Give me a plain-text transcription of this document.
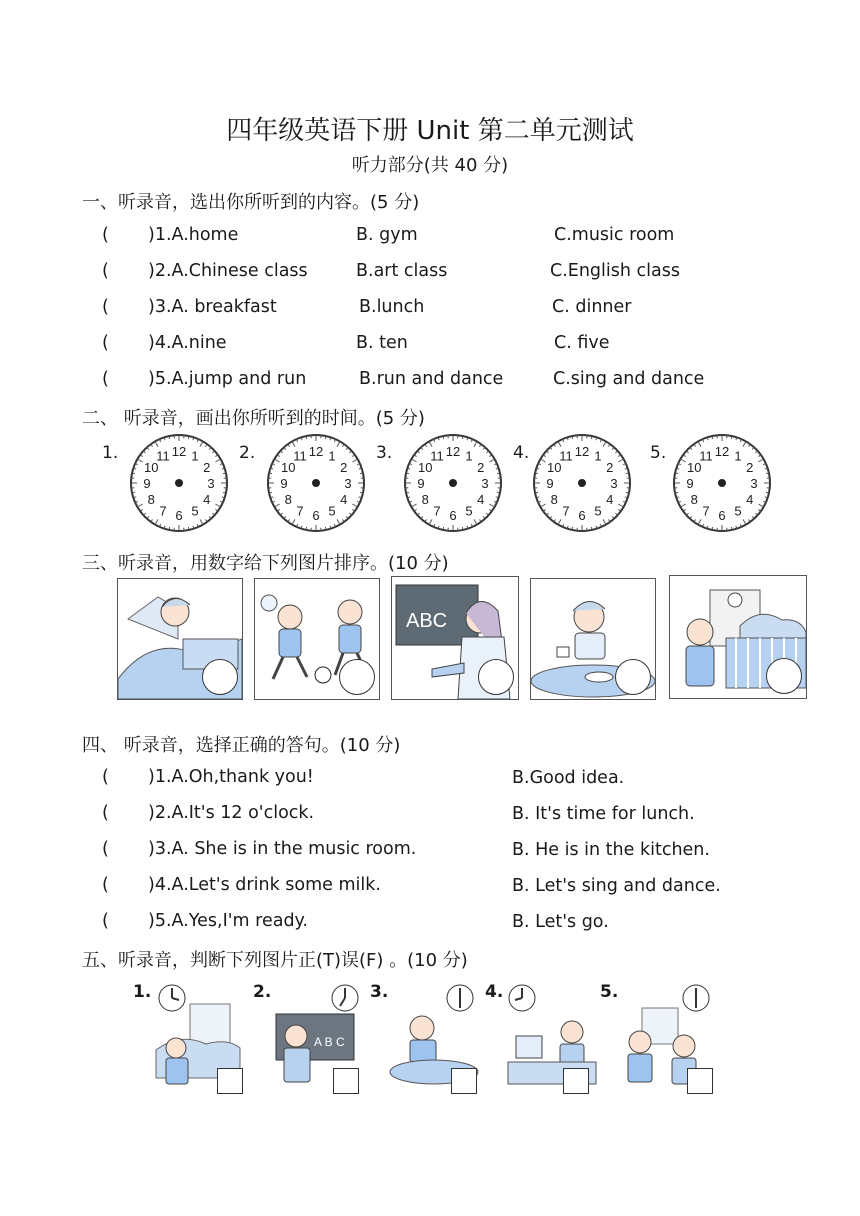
四年级英语下册 Unit 第二单元测试
听力部分(共 40 分)
一、听录音，选出你所听到的内容。(5 分)
( )1.A.home	B. gym	C.music room
( )2.A.Chinese class	B.art class	C.English class
( )3.A. breakfast	B.lunch	C. dinner
( )4.A.nine	B. ten	C. five
( )5.A.jump and run	B.run and dance	C.sing and dance
二、 听录音，画出你所听到的时间。(5 分)
1.	2.	3.	4.	5.
1
2
3
4
5
6
7
8
9
10
11 12	1
2
3
4
5
6
7
8
9
10
11 12	1
2
3
4
5
6
7
8
9
10
11 12	1
2
3
4
5
6
7
8
9
10
11 12	1
2
3
4
5
6
7
8
9
10
11 12
三、听录音，用数字给下列图片排序。(10 分)
ABC
四、 听录音，选择正确的答句。(10 分)
( )1.A.Oh,thank you!	B.Good idea.
( )2.A.It's 12 o'clock.	B. It's time for lunch.
( )3.A. She is in the music room.	B. He is in the kitchen.
( )4.A.Let's drink some milk.	B. Let's sing and dance.
( )5.A.Yes,I'm ready.	B. Let's go.
五、听录音，判断下列图片正(T)误(F) 。(10 分)
1.	2.	3.	4.	5.
A B C
